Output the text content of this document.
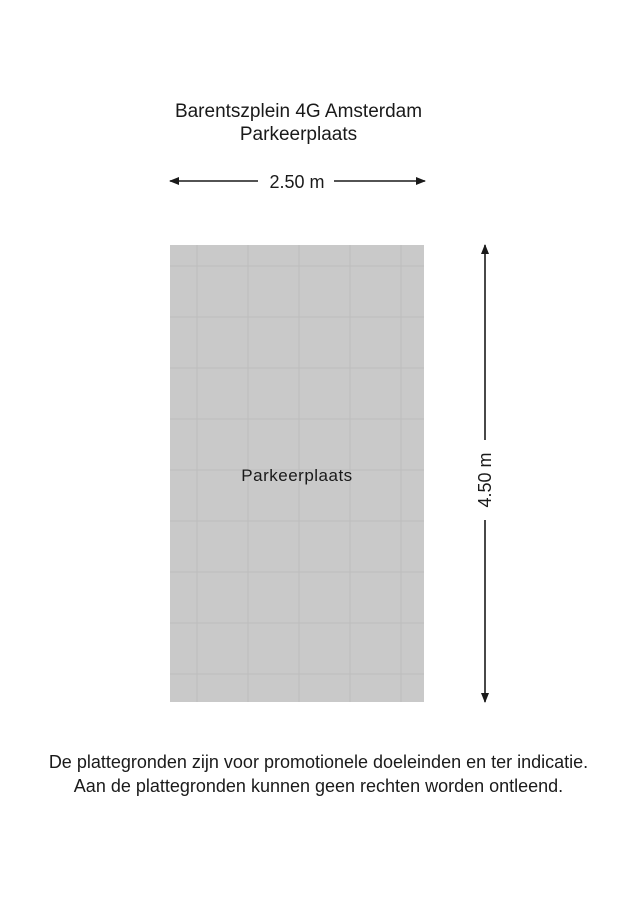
Barentszplein 4G Amsterdam
Parkeerplaats
2.50 m
Parkeerplaats	4.50 m
De plattegronden zijn voor promotionele doeleinden en ter indicatie.
Aan de plattegronden kunnen geen rechten worden ontleend.
